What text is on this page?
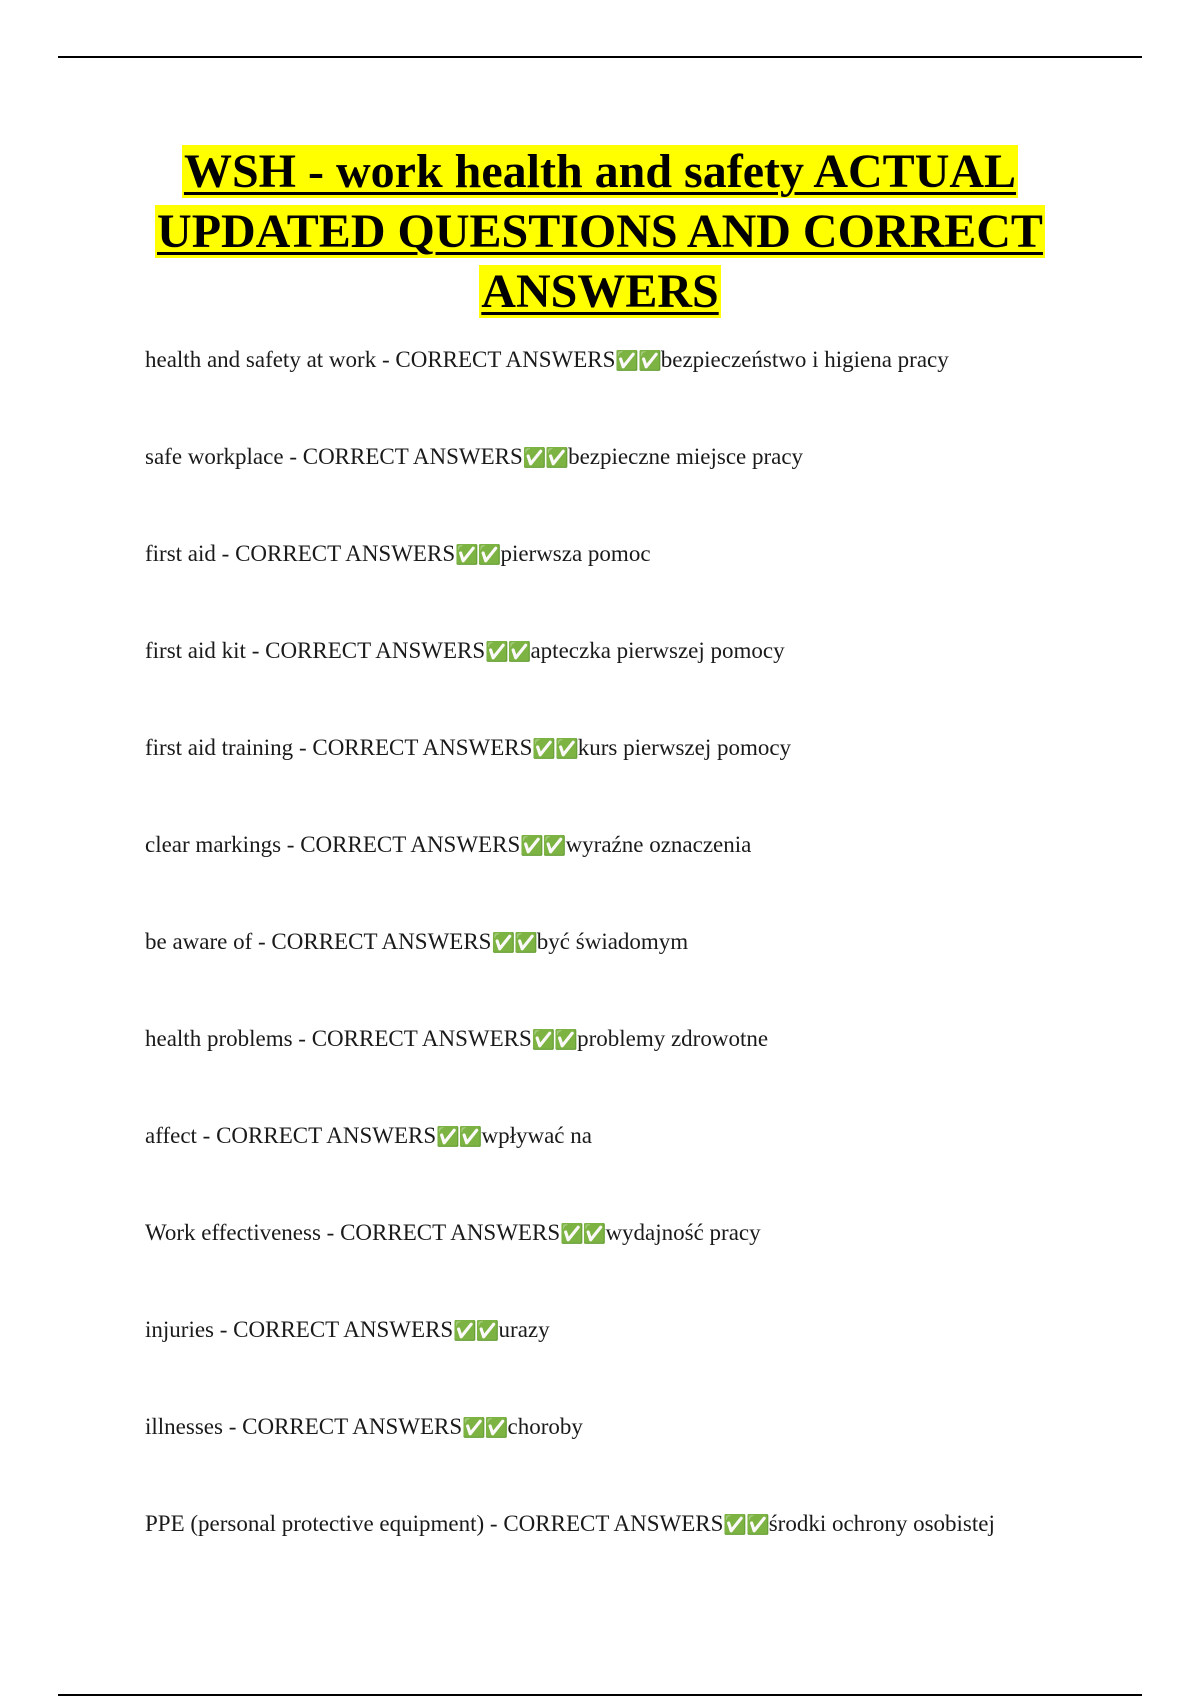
WSH - work health and safety ACTUAL
UPDATED QUESTIONS AND CORRECT
ANSWERS
health and safety at work - CORRECT ANSWERS✅✅bezpieczeństwo i higiena pracy
safe workplace - CORRECT ANSWERS✅✅bezpieczne miejsce pracy
first aid - CORRECT ANSWERS✅✅pierwsza pomoc
first aid kit - CORRECT ANSWERS✅✅apteczka pierwszej pomocy
first aid training - CORRECT ANSWERS✅✅kurs pierwszej pomocy
clear markings - CORRECT ANSWERS✅✅wyraźne oznaczenia
be aware of - CORRECT ANSWERS✅✅być świadomym
health problems - CORRECT ANSWERS✅✅problemy zdrowotne
affect - CORRECT ANSWERS✅✅wpływać na
Work effectiveness - CORRECT ANSWERS✅✅wydajność pracy
injuries - CORRECT ANSWERS✅✅urazy
illnesses - CORRECT ANSWERS✅✅choroby
PPE (personal protective equipment) - CORRECT ANSWERS✅✅środki ochrony osobistej
